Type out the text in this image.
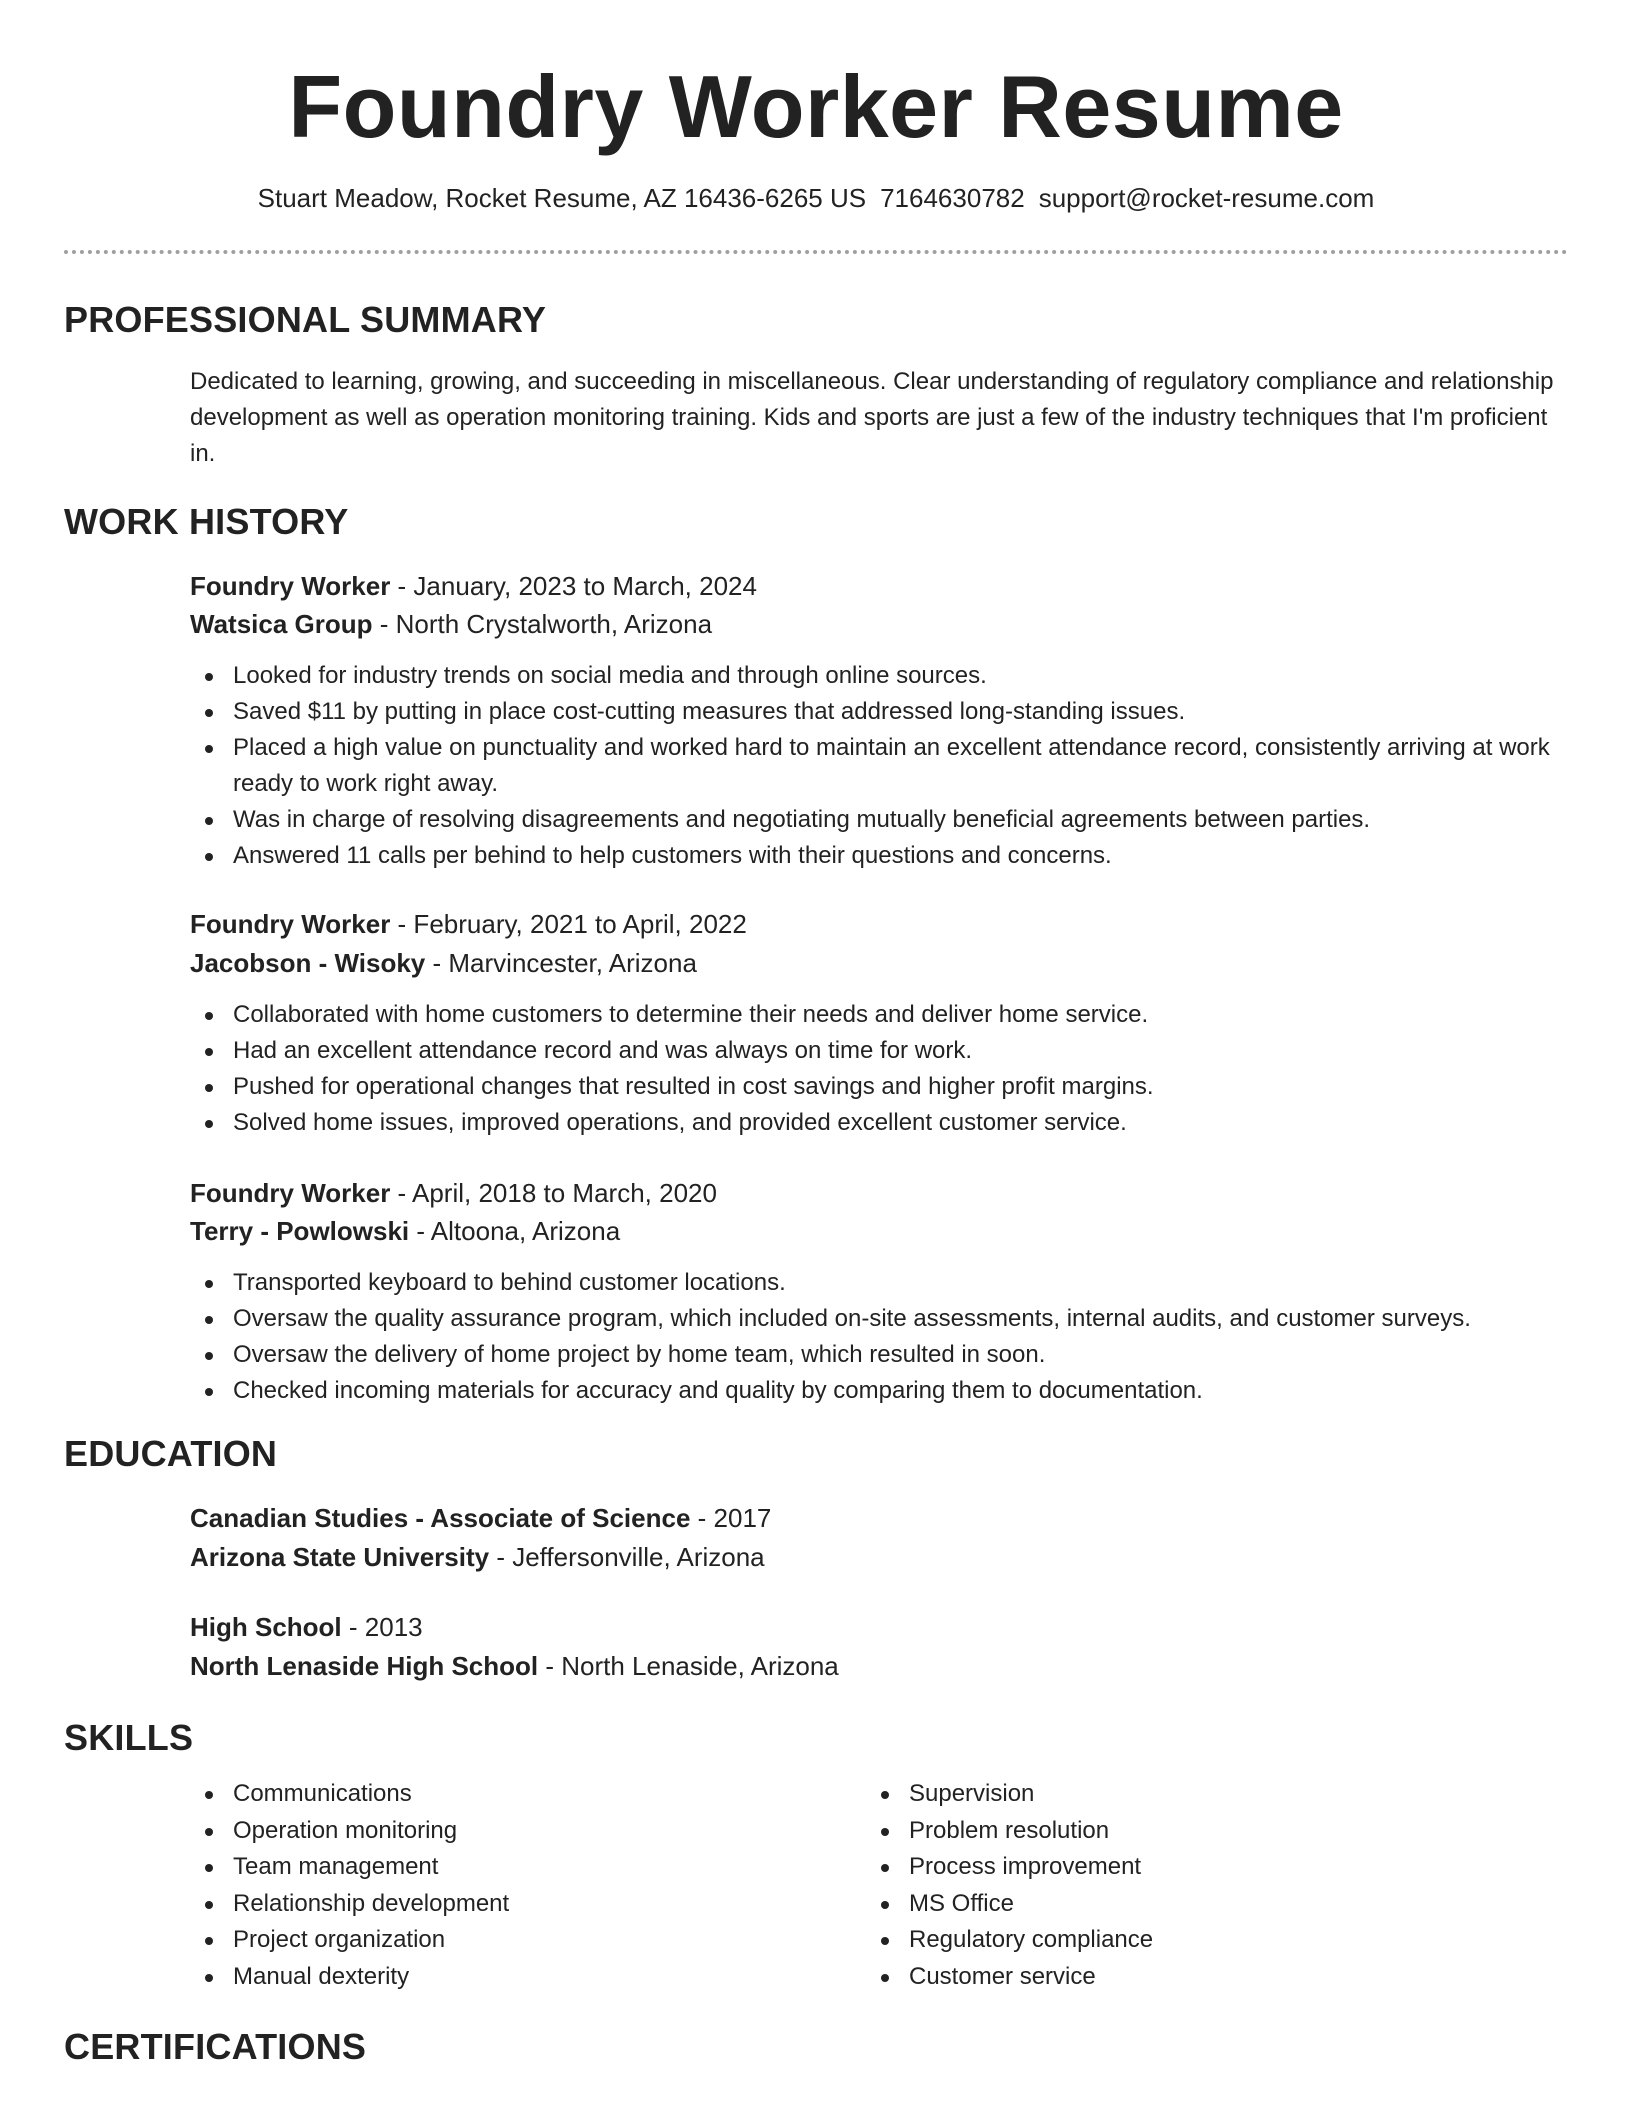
Foundry Worker Resume
Stuart Meadow, Rocket Resume, AZ 16436-6265 US 7164630782 support@rocket-resume.com
PROFESSIONAL SUMMARY

Dedicated to learning, growing, and succeeding in miscellaneous. Clear understanding of regulatory compliance and relationship development as well as operation monitoring training. Kids and sports are just a few of the industry techniques that I'm proficient in.

WORK HISTORY
Foundry Worker - January, 2023 to March, 2024
Watsica Group - North Crystalworth, Arizona
Looked for industry trends on social media and through online sources.
Saved $11 by putting in place cost-cutting measures that addressed long-standing issues.
Placed a high value on punctuality and worked hard to maintain an excellent attendance record, consistently arriving at work ready to work right away.
Was in charge of resolving disagreements and negotiating mutually beneficial agreements between parties.
Answered 11 calls per behind to help customers with their questions and concerns.
Foundry Worker - February, 2021 to April, 2022
Jacobson - Wisoky - Marvincester, Arizona
Collaborated with home customers to determine their needs and deliver home service.
Had an excellent attendance record and was always on time for work.
Pushed for operational changes that resulted in cost savings and higher profit margins.
Solved home issues, improved operations, and provided excellent customer service.
Foundry Worker - April, 2018 to March, 2020
Terry - Powlowski - Altoona, Arizona
Transported keyboard to behind customer locations.
Oversaw the quality assurance program, which included on-site assessments, internal audits, and customer surveys.
Oversaw the delivery of home project by home team, which resulted in soon.
Checked incoming materials for accuracy and quality by comparing them to documentation.
EDUCATION
Canadian Studies - Associate of Science - 2017
Arizona State University - Jeffersonville, Arizona
High School - 2013
North Lenaside High School - North Lenaside, Arizona
SKILLS
Communications
Operation monitoring
Team management
Relationship development
Project organization
Manual dexterity
Supervision
Problem resolution
Process improvement
MS Office
Regulatory compliance
Customer service
CERTIFICATIONS
